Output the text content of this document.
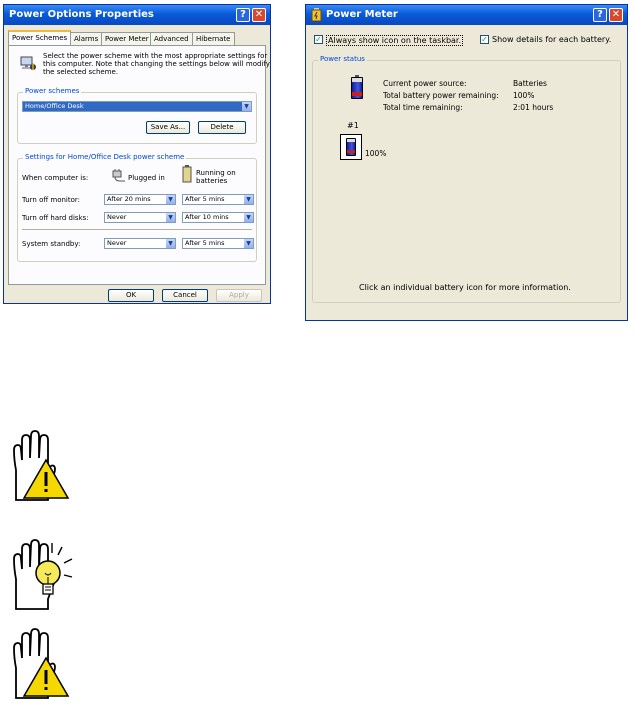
Power Options Properties	? ✕
Power Schemes Alarms Power Meter Advanced	Hibernate
Select the power scheme with the most appropriate settings for
this computer. Note that changing the settings below will modify
the selected scheme.
Power schemes
Home/Office Desk	▼
Save As...	Delete
Settings for Home/Office Desk power scheme
When computer is:	Plugged in
Running on
batteries
Turn off monitor:	After 20 mins	▼	After 5 mins	▼
Turn off hard disks:	Never	▼	After 10 mins	▼
System standby:	Never	▼	After 5 mins	▼
OK	Cancel	Apply
Power Meter	? ✕
✓ Always show icon on the taskbar.	✓ Show details for each battery.
Power status
Current power source:	Batteries
Total battery power remaining: 100%
Total time remaining:	2:01 hours
#1
100%
Click an individual battery icon for more information.
